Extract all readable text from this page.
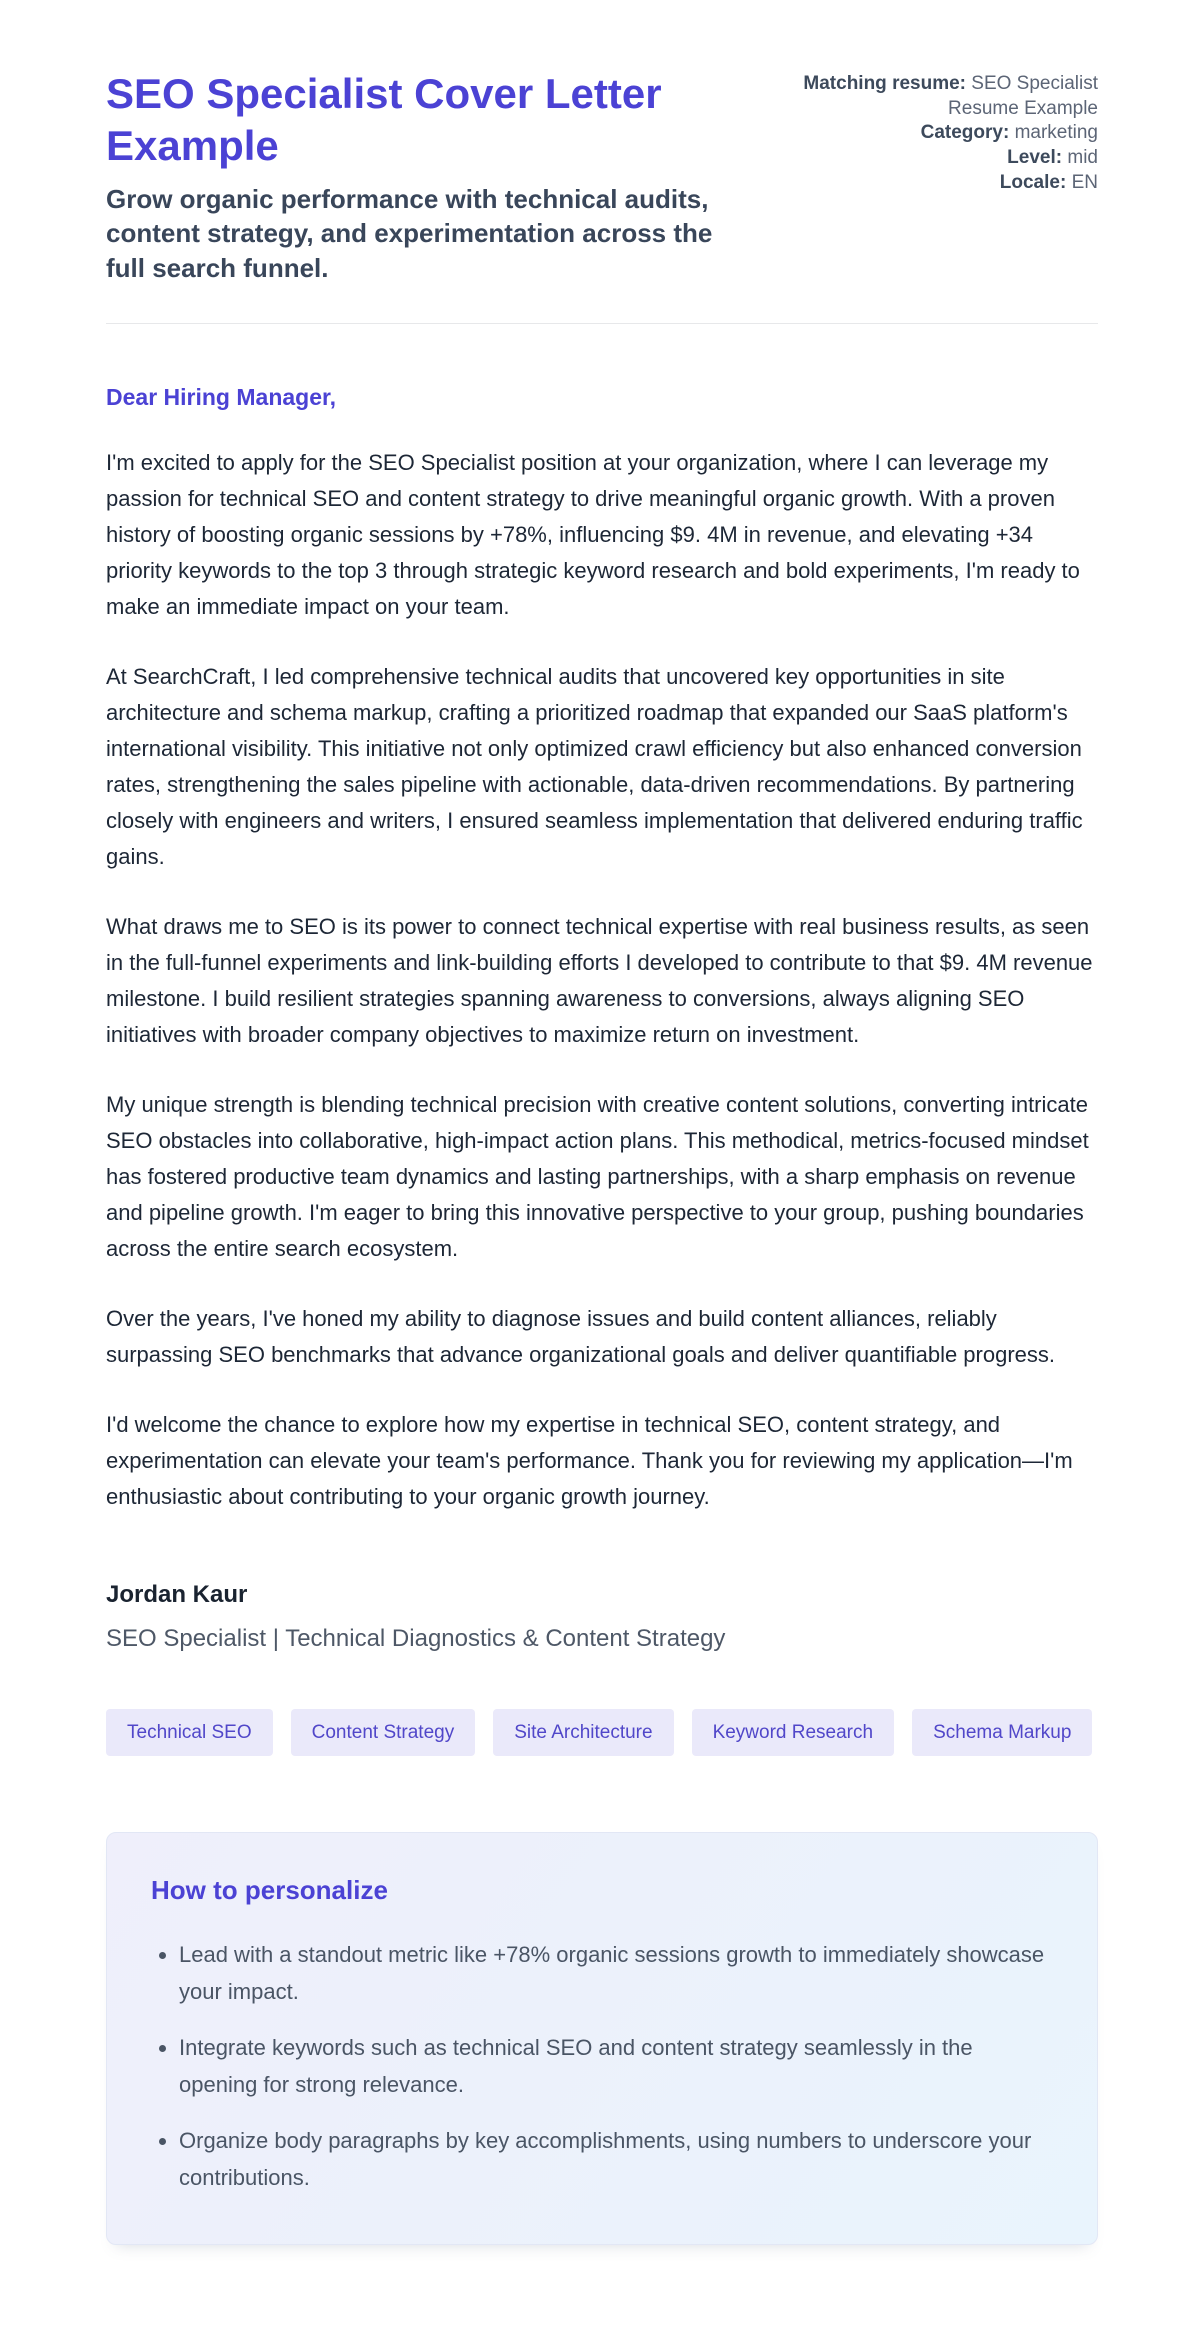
SEO Specialist Cover Letter Example
Grow organic performance with technical audits, content strategy, and experimentation across the full search funnel.

Matching resume: SEO Specialist Resume Example

Category: marketing

Level: mid

Locale: EN

Dear Hiring Manager,

I'm excited to apply for the SEO Specialist position at your organization, where I can leverage my passion for technical SEO and content strategy to drive meaningful organic growth. With a proven history of boosting organic sessions by +78%, influencing $9. 4M in revenue, and elevating +34 priority keywords to the top 3 through strategic keyword research and bold experiments, I'm ready to make an immediate impact on your team.

At SearchCraft, I led comprehensive technical audits that uncovered key opportunities in site architecture and schema markup, crafting a prioritized roadmap that expanded our SaaS platform's international visibility. This initiative not only optimized crawl efficiency but also enhanced conversion rates, strengthening the sales pipeline with actionable, data-driven recommendations. By partnering closely with engineers and writers, I ensured seamless implementation that delivered enduring traffic gains.

What draws me to SEO is its power to connect technical expertise with real business results, as seen in the full-funnel experiments and link-building efforts I developed to contribute to that $9. 4M revenue milestone. I build resilient strategies spanning awareness to conversions, always aligning SEO initiatives with broader company objectives to maximize return on investment.

My unique strength is blending technical precision with creative content solutions, converting intricate SEO obstacles into collaborative, high-impact action plans. This methodical, metrics-focused mindset has fostered productive team dynamics and lasting partnerships, with a sharp emphasis on revenue and pipeline growth. I'm eager to bring this innovative perspective to your group, pushing boundaries across the entire search ecosystem.

Over the years, I've honed my ability to diagnose issues and build content alliances, reliably surpassing SEO benchmarks that advance organizational goals and deliver quantifiable progress.

I'd welcome the chance to explore how my expertise in technical SEO, content strategy, and experimentation can elevate your team's performance. Thank you for reviewing my application—I'm enthusiastic about contributing to your organic growth journey.

Jordan Kaur

SEO Specialist | Technical Diagnostics & Content Strategy

Technical SEO	Content Strategy	Site Architecture	Keyword Research	Schema Markup
How to personalize
• Lead with a standout metric like +78% organic sessions growth to immediately showcase your impact.
• Integrate keywords such as technical SEO and content strategy seamlessly in the opening for strong relevance.
• Organize body paragraphs by key accomplishments, using numbers to underscore your contributions.
